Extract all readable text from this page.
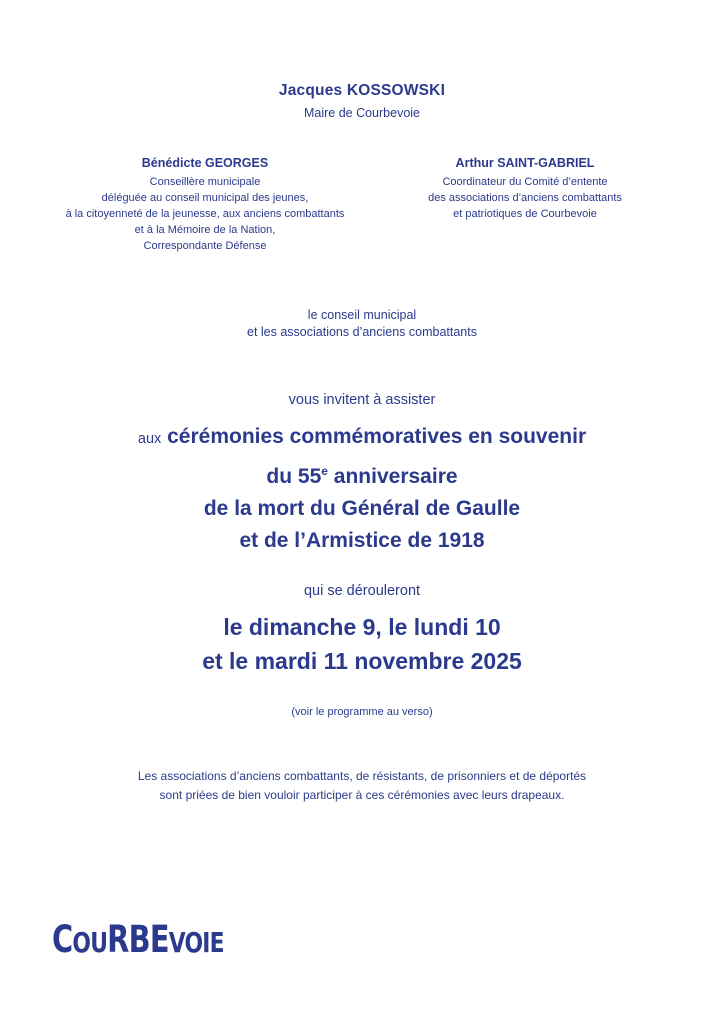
Jacques KOSSOWSKI
Maire de Courbevoie
Bénédicte GEORGES
Conseillère municipale
déléguée au conseil municipal des jeunes,
à la citoyenneté de la jeunesse, aux anciens combattants
et à la Mémoire de la Nation,
Correspondante Défense
Arthur SAINT-GABRIEL
Coordinateur du Comité d’entente
des associations d’anciens combattants
et patriotiques de Courbevoie
le conseil municipal
et les associations d’anciens combattants
vous invitent à assister
aux cérémonies commémoratives en souvenir
du 55e anniversaire
de la mort du Général de Gaulle
et de l’Armistice de 1918
qui se dérouleront
le dimanche 9, le lundi 10
et le mardi 11 novembre 2025
(voir le programme au verso)
Les associations d’anciens combattants, de résistants, de prisonniers et de déportés
sont priées de bien vouloir participer à ces cérémonies avec leurs drapeaux.
COURBEVOIE
